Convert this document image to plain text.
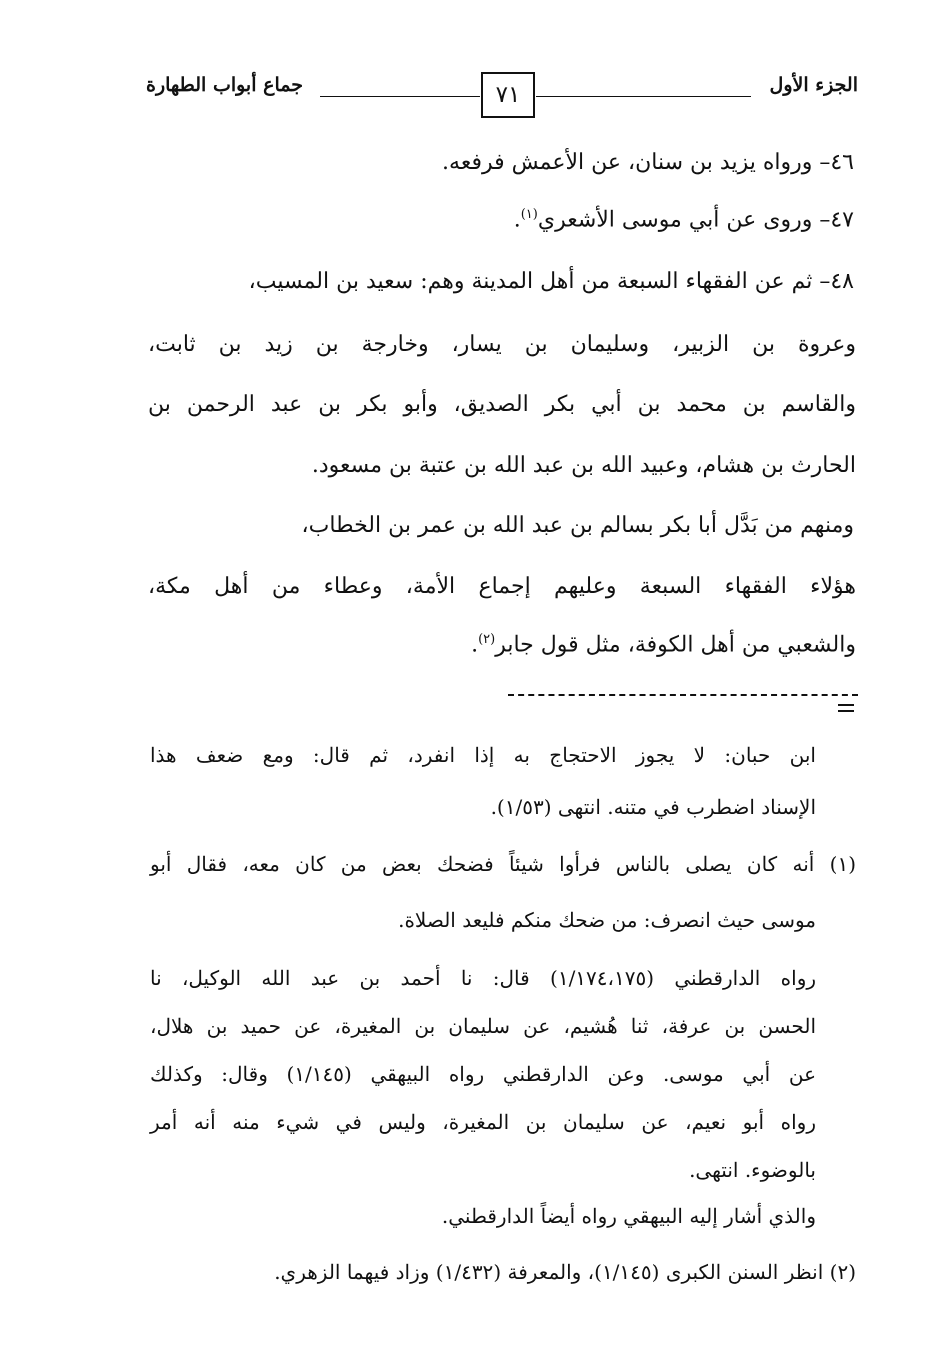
الجزء الأول
٧١
جماع أبواب الطهارة

٤٦– ورواه يزيد بن سنان، عن الأعمش فرفعه.

٤٧– وروى عن أبي موسى الأشعري$^{(١)}$.

٤٨– ثم عن الفقهاء السبعة من أهل المدينة وهم: سعيد بن المسيب،

وعروة بن الزبير، وسليمان بن يسار، وخارجة بن زيد بن ثابت،

والقاسم بن محمد بن أبي بكر الصديق، وأبو بكر بن عبد الرحمن بن

الحارث بن هشام، وعبيد الله بن عبد الله بن عتبة بن مسعود.

ومنهم من بَدَّل أبا بكر بسالم بن عبد الله بن عمر بن الخطاب،

هؤلاء الفقهاء السبعة وعليهم إجماع الأمة، وعطاء من أهل مكة،

والشعبي من أهل الكوفة، مثل قول جابر$^{(٢)}$.

ابن حبان: لا يجوز الاحتجاج به إذا انفرد، ثم قال: ومع ضعف هذا

الإسناد اضطرب في متنه. انتهى (١/٥٣).

(١) أنه كان يصلى بالناس فرأوا شيئاً فضحك بعض من كان معه، فقال أبو

موسى حيث انصرف: من ضحك منكم فليعد الصلاة.

رواه الدارقطني (١/١٧٤،١٧٥) قال: نا أحمد بن عبد الله الوكيل، نا

الحسن بن عرفة، ثنا هُشيم، عن سليمان بن المغيرة، عن حميد بن هلال،

عن أبي موسى. وعن الدارقطني رواه البيهقي (١/١٤٥) وقال: وكذلك

رواه أبو نعيم، عن سليمان بن المغيرة، وليس في شيء منه أنه أمر

بالوضوء. انتهى.

والذي أشار إليه البيهقي رواه أيضاً الدارقطني.

(٢) انظر السنن الكبرى (١/١٤٥)، والمعرفة (١/٤٣٢) وزاد فيهما الزهري.
